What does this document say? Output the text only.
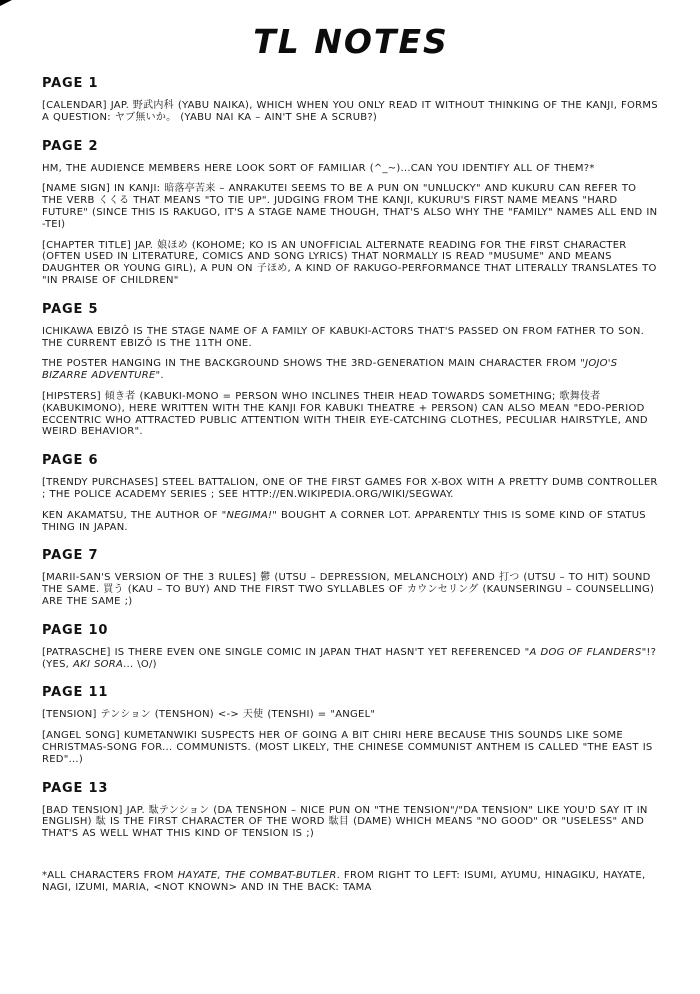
TL NOTES
PAGE 1

[CALENDAR] JAP. 野武内科 (YABU NAIKA), WHICH WHEN YOU ONLY READ IT WITHOUT THINKING OF THE KANJI, FORMS A QUESTION: ヤブ無いか。 (YABU NAI KA – AIN'T SHE A SCRUB?)

PAGE 2

HM, THE AUDIENCE MEMBERS HERE LOOK SORT OF FAMILIAR (^_~)...CAN YOU IDENTIFY ALL OF THEM?*

[NAME SIGN] IN KANJI: 暗落亭苦来 – ANRAKUTEI SEEMS TO BE A PUN ON "UNLUCKY" AND KUKURU CAN REFER TO THE VERB くくる THAT MEANS "TO TIE UP". JUDGING FROM THE KANJI, KUKURU'S FIRST NAME MEANS "HARD FUTURE" (SINCE THIS IS RAKUGO, IT'S A STAGE NAME THOUGH, THAT'S ALSO WHY THE "FAMILY" NAMES ALL END IN -TEI)

[CHAPTER TITLE] JAP. 娘ほめ (KOHOME; KO IS AN UNOFFICIAL ALTERNATE READING FOR THE FIRST CHARACTER (OFTEN USED IN LITERATURE, COMICS AND SONG LYRICS) THAT NORMALLY IS READ "MUSUME" AND MEANS DAUGHTER OR YOUNG GIRL), A PUN ON 子ほめ, A KIND OF RAKUGO-PERFORMANCE THAT LITERALLY TRANSLATES TO "IN PRAISE OF CHILDREN"

PAGE 5

ICHIKAWA EBIZÔ IS THE STAGE NAME OF A FAMILY OF KABUKI-ACTORS THAT'S PASSED ON FROM FATHER TO SON. THE CURRENT EBIZÔ IS THE 11TH ONE.

THE POSTER HANGING IN THE BACKGROUND SHOWS THE 3RD-GENERATION MAIN CHARACTER FROM "JOJO'S BIZARRE ADVENTURE".

[HIPSTERS] 傾き者 (KABUKI-MONO = PERSON WHO INCLINES THEIR HEAD TOWARDS SOMETHING; 歌舞伎者 (KABUKIMONO), HERE WRITTEN WITH THE KANJI FOR KABUKI THEATRE + PERSON) CAN ALSO MEAN "EDO-PERIOD ECCENTRIC WHO ATTRACTED PUBLIC ATTENTION WITH THEIR EYE-CATCHING CLOTHES, PECULIAR HAIRSTYLE, AND WEIRD BEHAVIOR".

PAGE 6

[TRENDY PURCHASES] STEEL BATTALION, ONE OF THE FIRST GAMES FOR X-BOX WITH A PRETTY DUMB CONTROLLER ; THE POLICE ACADEMY SERIES ; SEE HTTP://EN.WIKIPEDIA.ORG/WIKI/SEGWAY.

KEN AKAMATSU, THE AUTHOR OF "NEGIMA!" BOUGHT A CORNER LOT. APPARENTLY THIS IS SOME KIND OF STATUS THING IN JAPAN.

PAGE 7

[MARII-SAN'S VERSION OF THE 3 RULES] 鬱 (UTSU – DEPRESSION, MELANCHOLY) AND 打つ (UTSU – TO HIT) SOUND THE SAME. 買う (KAU – TO BUY) AND THE FIRST TWO SYLLABLES OF カウンセリング (KAUNSERINGU – COUNSELLING) ARE THE SAME ;)

PAGE 10

[PATRASCHE] IS THERE EVEN ONE SINGLE COMIC IN JAPAN THAT HASN'T YET REFERENCED "A DOG OF FLANDERS"!? (YES, AKI SORA... \O/)

PAGE 11

[TENSION] テンション (TENSHON) <-> 天使 (TENSHI) = "ANGEL"

[ANGEL SONG] KUMETANWIKI SUSPECTS HER OF GOING A BIT CHIRI HERE BECAUSE THIS SOUNDS LIKE SOME CHRISTMAS-SONG FOR... COMMUNISTS. (MOST LIKELY, THE CHINESE COMMUNIST ANTHEM IS CALLED "THE EAST IS RED"...)

PAGE 13

[BAD TENSION] JAP. 駄テンション (DA TENSHON – NICE PUN ON "THE TENSION"/"DA TENSION" LIKE YOU'D SAY IT IN ENGLISH) 駄 IS THE FIRST CHARACTER OF THE WORD 駄目 (DAME) WHICH MEANS "NO GOOD" OR "USELESS" AND THAT'S AS WELL WHAT THIS KIND OF TENSION IS ;)

*ALL CHARACTERS FROM HAYATE, THE COMBAT-BUTLER. FROM RIGHT TO LEFT: ISUMI, AYUMU, HINAGIKU, HAYATE, NAGI, IZUMI, MARIA, <NOT KNOWN> AND IN THE BACK: TAMA
